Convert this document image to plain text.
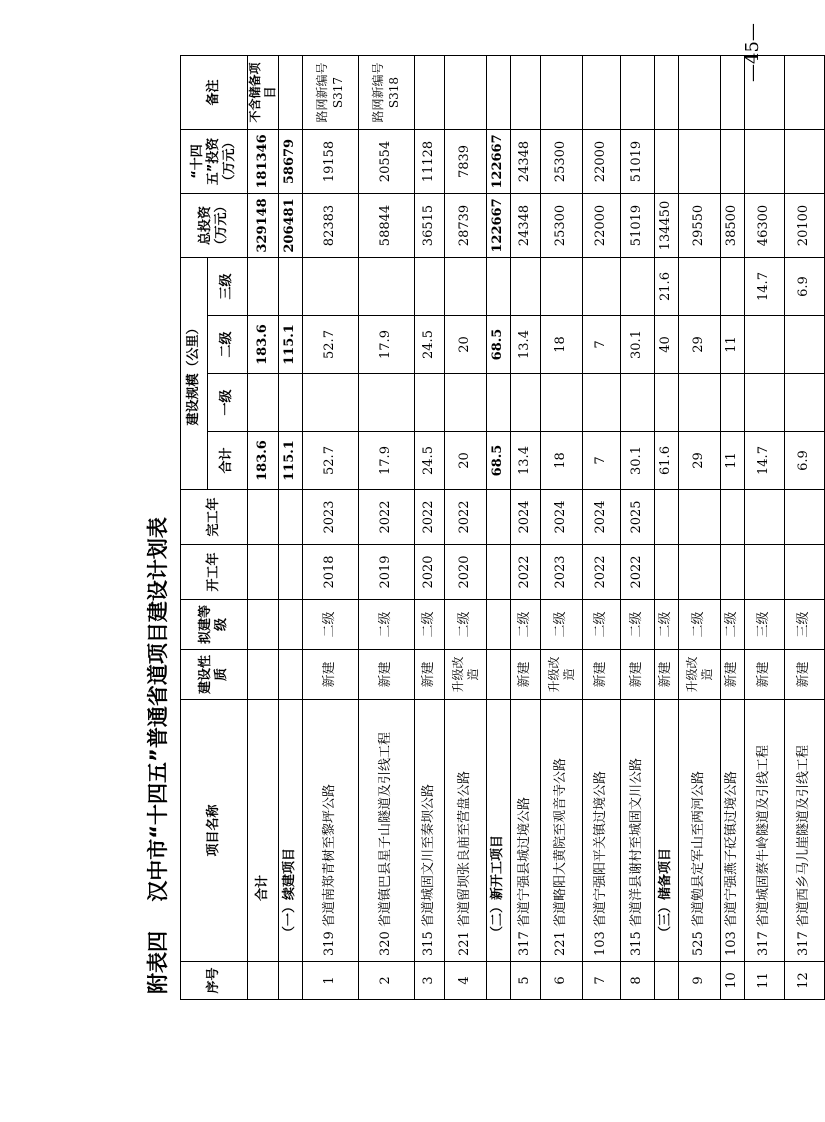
附表四    汉中市“十四五”普通省道项目建设计划表
序号	项目名称	建设性质	拟建等级	开工年	完工年	建设规模（公里）				总投资（万元）	“十四五”投资（万元）	备注
						合计	一级	二级	三级			
	合计					183.6		183.6		329148	181346	不含储备项目
	（一）续建项目					115.1		115.1		206481	58679	
1	319 省道南郑青树至黎坪公路	新建	二级	2018	2023	52.7		52.7		82383	19158	路网新编号S317
2	320 省道镇巴县星子山隧道及引线工程	新建	二级	2019	2022	17.9		17.9		58844	20554	路网新编号S318
3	315 省道城固文川至秦坝公路	新建	二级	2020	2022	24.5		24.5		36515	11128	
4	221 省道留坝张良庙至营盘公路	升级改造	二级	2020	2022	20		20		28739	7839	
	（二）新开工项目					68.5		68.5		122667	122667	
5	317 省道宁强县城过境公路	新建	二级	2022	2024	13.4		13.4		24348	24348	
6	221 省道略阳大黄院至观音寺公路	升级改造	二级	2023	2024	18		18		25300	25300	
7	103 省道宁强阳平关镇过境公路	新建	二级	2022	2024	7		7		22000	22000	
8	315 省道洋县谢村至城固文川公路	新建	二级	2022	2025	30.1		30.1		51019	51019	
	（三）储备项目	新建	二级			61.6		40	21.6	134450		
9	525 省道勉县定军山至两河公路	升级改造	二级			29		29		29550		
10	103 省道宁强燕子砭镇过境公路	新建	二级			11		11		38500		
11	317 省道城固蔡牛岭隧道及引线工程	新建	三级			14.7			14.7	46300		
12	317 省道西乡马儿崖隧道及引线工程	新建	三级			6.9			6.9	20100		
—45—
